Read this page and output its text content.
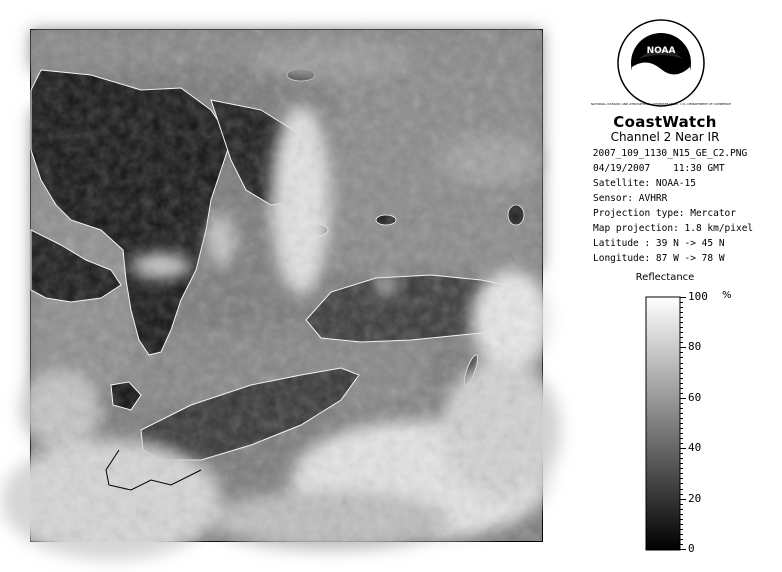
NOAA
NATIONAL OCEANIC AND ATMOSPHERIC ADMINISTRATION · U.S. DEPARTMENT OF COMMERCE
CoastWatch
Channel 2 Near IR
2007_109_1130_N15_GE_C2.PNG
04/19/2007 11:30 GMT
Satellite: NOAA-15
Sensor: AVHRR
Projection type: Mercator
Map projection: 1.8 km/pixel
Latitude : 39 N -> 45 N
Longitude: 87 W -> 78 W
Reflectance
%
100
80
60
40
20
0
